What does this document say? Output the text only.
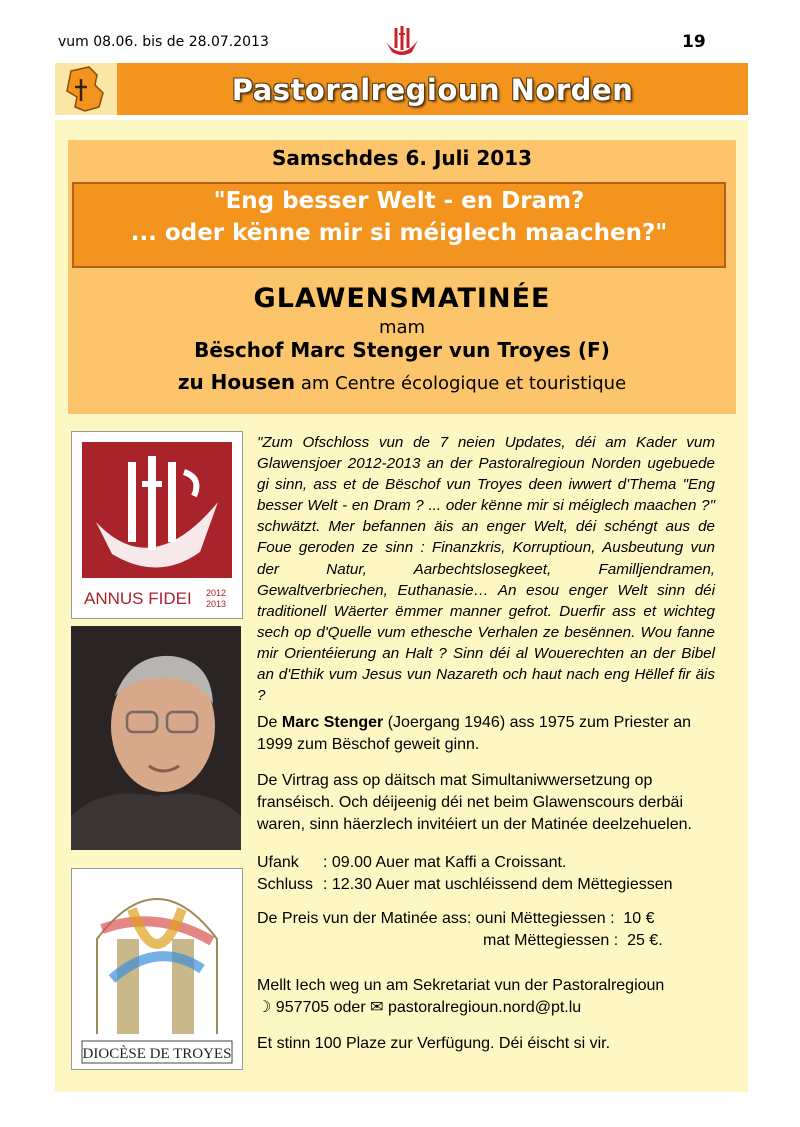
vum 08.06. bis de 28.07.2013	19
Pastoralregioun Norden
Samschdes 6. Juli 2013
"Eng besser Welt - en Dram?
... oder kënne mir si méiglech maachen?"
GLAWENSMATINÉE
mam
Bëschof Marc Stenger vun Troyes (F)
zu Housen am Centre écologique et touristique
ANNUS FIDEI 2012
2013
DIOCÈSE DE TROYES
"Zum Ofschloss vun de 7 neien Updates, déi am Kader vum Glawensjoer 2012-2013 an der Pastoralregioun Norden ugebuede gi sinn, ass et de Bëschof vun Troyes deen iwwert d'Thema "Eng besser Welt - en Dram ? ... oder kënne mir si méiglech maachen ?" schwätzt. Mer befannen äis an enger Welt, déi schéngt aus de Foue geroden ze sinn : Finanzkris, Korruptioun, Ausbeutung vun der Natur, Aarbechtslosegkeet, Familljendramen, Gewaltverbriechen, Euthanasie… An esou enger Welt sinn déi traditionell Wäerter ëmmer manner gefrot. Duerfir ass et wichteg sech op d'Quelle vum ethesche Verhalen ze besënnen. Wou fanne mir Orientéierung an Halt ? Sinn déi al Wouerechten an der Bibel an d'Ethik vum Jesus vun Nazareth och haut nach eng Hëllef fir äis ?
De Marc Stenger (Joergang 1946) ass 1975 zum Priester an 1999 zum Bëschof geweit ginn.
De Virtrag ass op däitsch mat Simultaniwwersetzung op franséisch. Och déijeenig déi net beim Glawenscours derbäi waren, sinn häerzlech invitéiert un der Matinée deelzehuelen.
Ufank : 09.00 Auer mat Kaffi a Croissant.
Schluss : 12.30 Auer mat uschléissend dem Mëttegiessen
De Preis vun der Matinée ass: ouni Mëttegiessen :  10 €
mat Mëttegiessen :  25 €.
Mellt Iech weg un am Sekretariat vun der Pastoralregioun
☽ 957705 oder ✉ pastoralregioun.nord@pt.lu
Et stinn 100 Plaze zur Verfügung. Déi éischt si vir.
